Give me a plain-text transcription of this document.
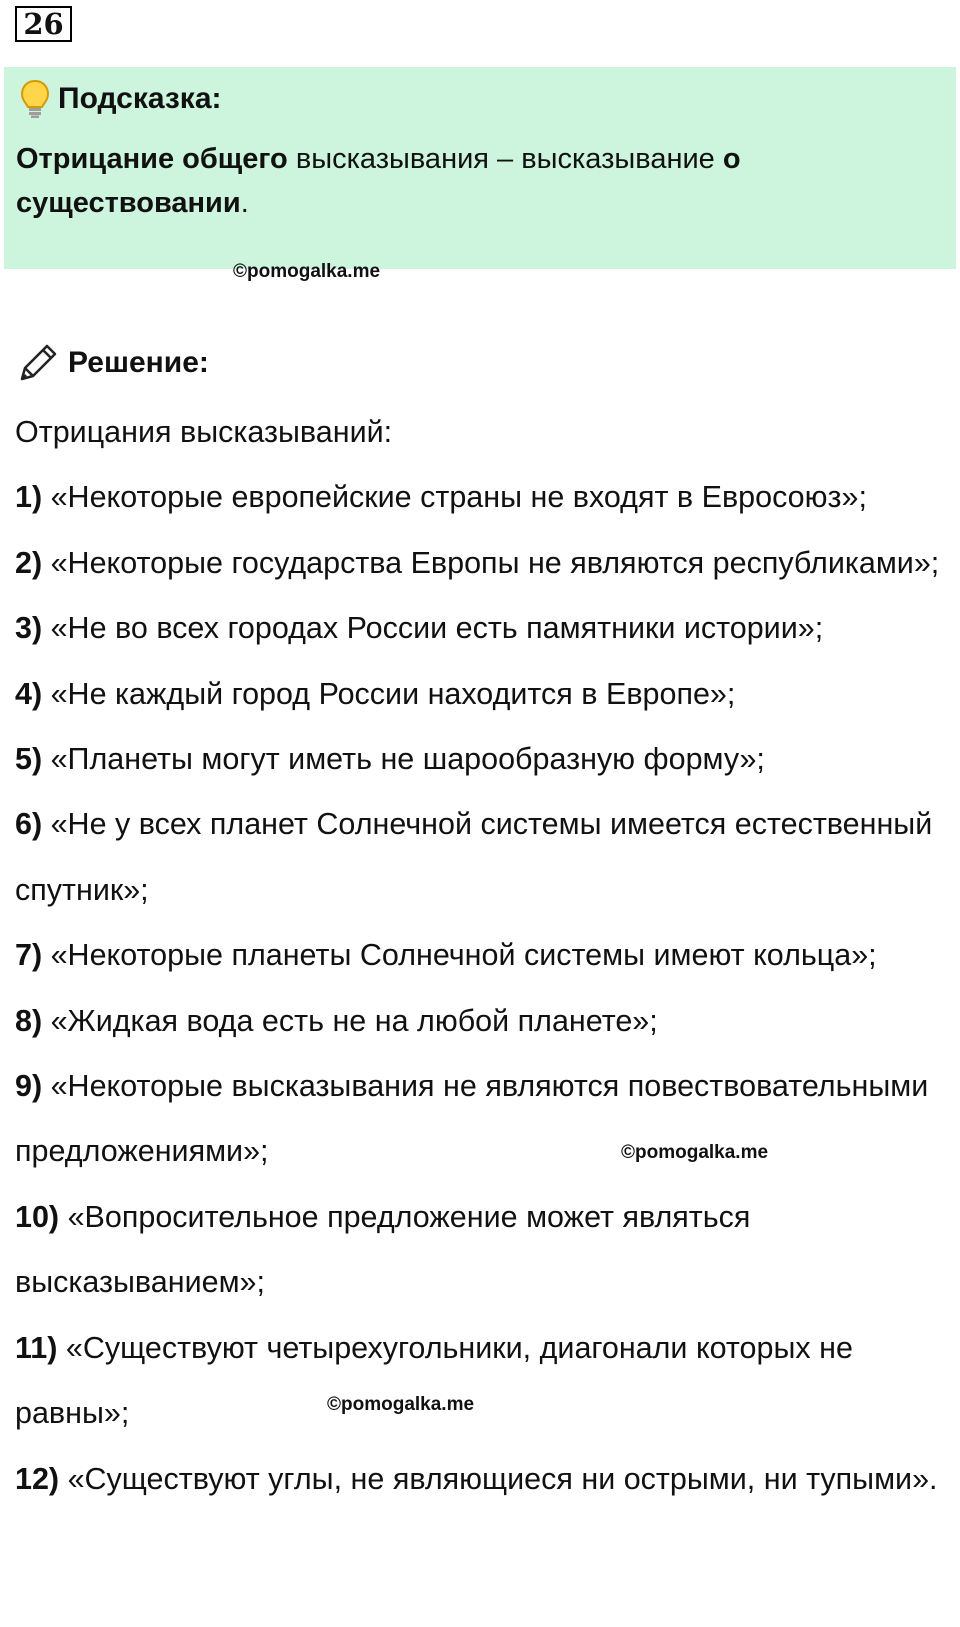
26
Подсказка:
Отрицание общего высказывания – высказывание о существовании.
©pomogalka.me
Решение:

Отрицания высказываний:

1) «Некоторые европейские страны не входят в Евросоюз»;

2) «Некоторые государства Европы не являются республиками»;

3) «Не во всех городах России есть памятники истории»;

4) «Не каждый город России находится в Европе»;

5) «Планеты могут иметь не шарообразную форму»;

6) «Не у всех планет Солнечной системы имеется естественный спутник»;

7) «Некоторые планеты Солнечной системы имеют кольца»;

8) «Жидкая вода есть не на любой планете»;

9) «Некоторые высказывания не являются повествовательными предложениями»;

10) «Вопросительное предложение может являться высказыванием»;

11) «Существуют четырехугольники, диагонали которых не равны»;

12) «Существуют углы, не являющиеся ни острыми, ни тупыми».

©pomogalka.me
©pomogalka.me
